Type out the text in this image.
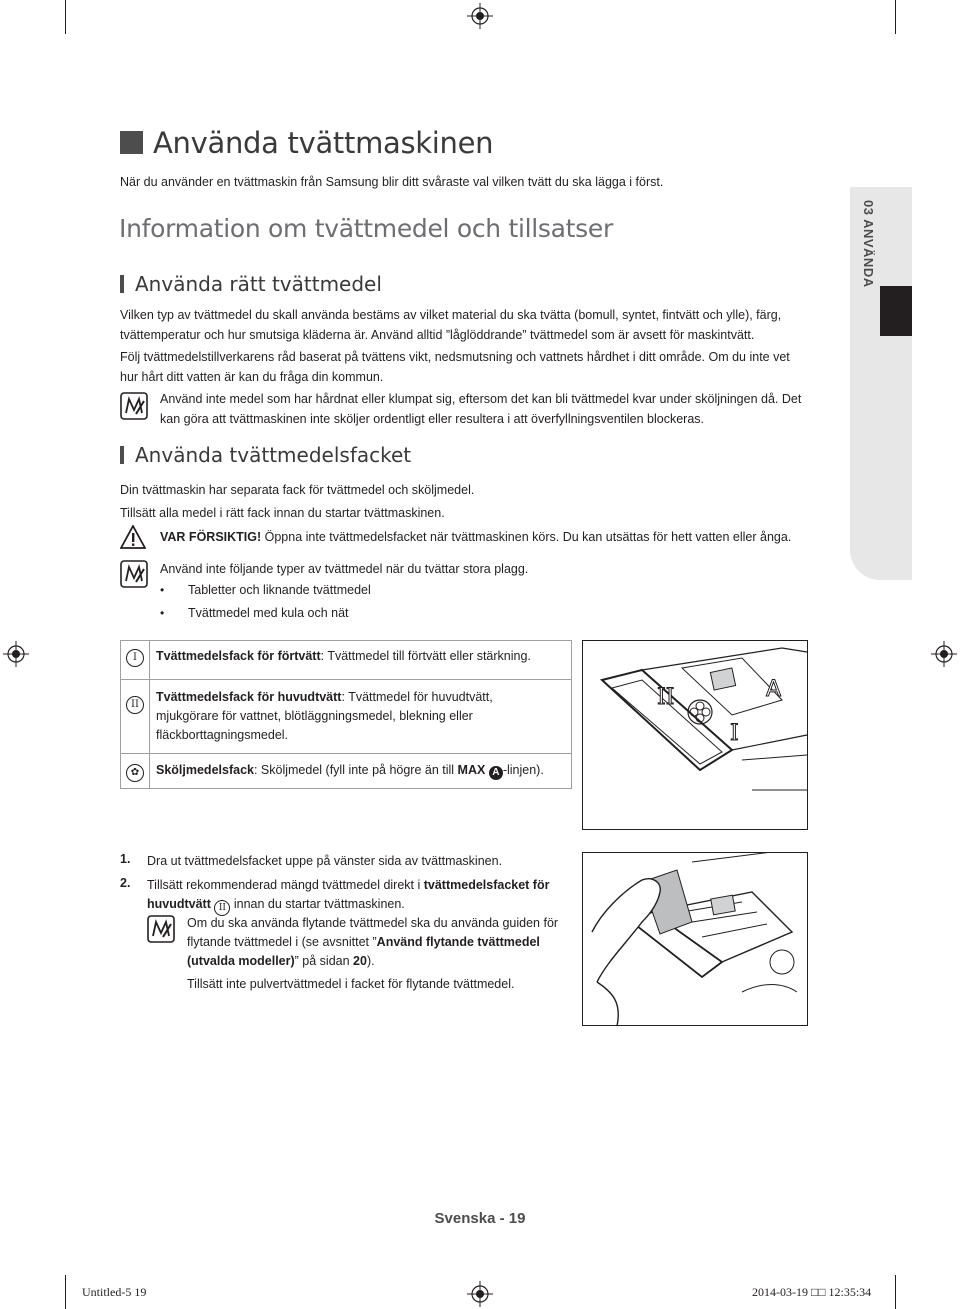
03 ANVÄNDA
Använda tvättmaskinen
När du använder en tvättmaskin från Samsung blir ditt svåraste val vilken tvätt du ska lägga i först.
Information om tvättmedel och tillsatser
Använda rätt tvättmedel
Vilken typ av tvättmedel du skall använda bestäms av vilket material du ska tvätta (bomull, syntet, fintvätt och ylle), färg,
tvättemperatur och hur smutsiga kläderna är. Använd alltid ”låglöddrande” tvättmedel som är avsett för maskintvätt.
Följ tvättmedelstillverkarens råd baserat på tvättens vikt, nedsmutsning och vattnets hårdhet i ditt område. Om du inte vet
hur hårt ditt vatten är kan du fråga din kommun.
Använd inte medel som har hårdnat eller klumpat sig, eftersom det kan bli tvättmedel kvar under sköljningen då. Det
kan göra att tvättmaskinen inte sköljer ordentligt eller resultera i att överfyllningsventilen blockeras.
Använda tvättmedelsfacket
Din tvättmaskin har separata fack för tvättmedel och sköljmedel.
Tillsätt alla medel i rätt fack innan du startar tvättmaskinen.
VAR FÖRSIKTIG! Öppna inte tvättmedelsfacket när tvättmaskinen körs. Du kan utsättas för hett vatten eller ånga.
Använd inte följande typer av tvättmedel när du tvättar stora plagg.
• Tabletter och liknande tvättmedel
• Tvättmedel med kula och nät
I	Tvättmedelsfack för förtvätt: Tvättmedel till förtvätt eller stärkning.
II	Tvättmedelsfack för huvudtvätt: Tvättmedel för huvudtvätt,
mjukgörare för vattnet, blötläggningsmedel, blekning eller
fläckborttagningsmedel.
✿	Sköljmedelsfack: Sköljmedel (fyll inte på högre än till MAX A -linjen).
II	A
I
1. Dra ut tvättmedelsfacket uppe på vänster sida av tvättmaskinen.
2. Tillsätt rekommenderad mängd tvättmedel direkt i tvättmedelsfacket för
huvudtvätt II innan du startar tvättmaskinen.
Om du ska använda flytande tvättmedel ska du använda guiden för
flytande tvättmedel i (se avsnittet ”Använd flytande tvättmedel
(utvalda modeller)” på sidan 20).
Tillsätt inte pulvertvättmedel i facket för flytande tvättmedel.
Svenska - 19
Untitled-5 19	2014-03-19 □□ 12:35:34
